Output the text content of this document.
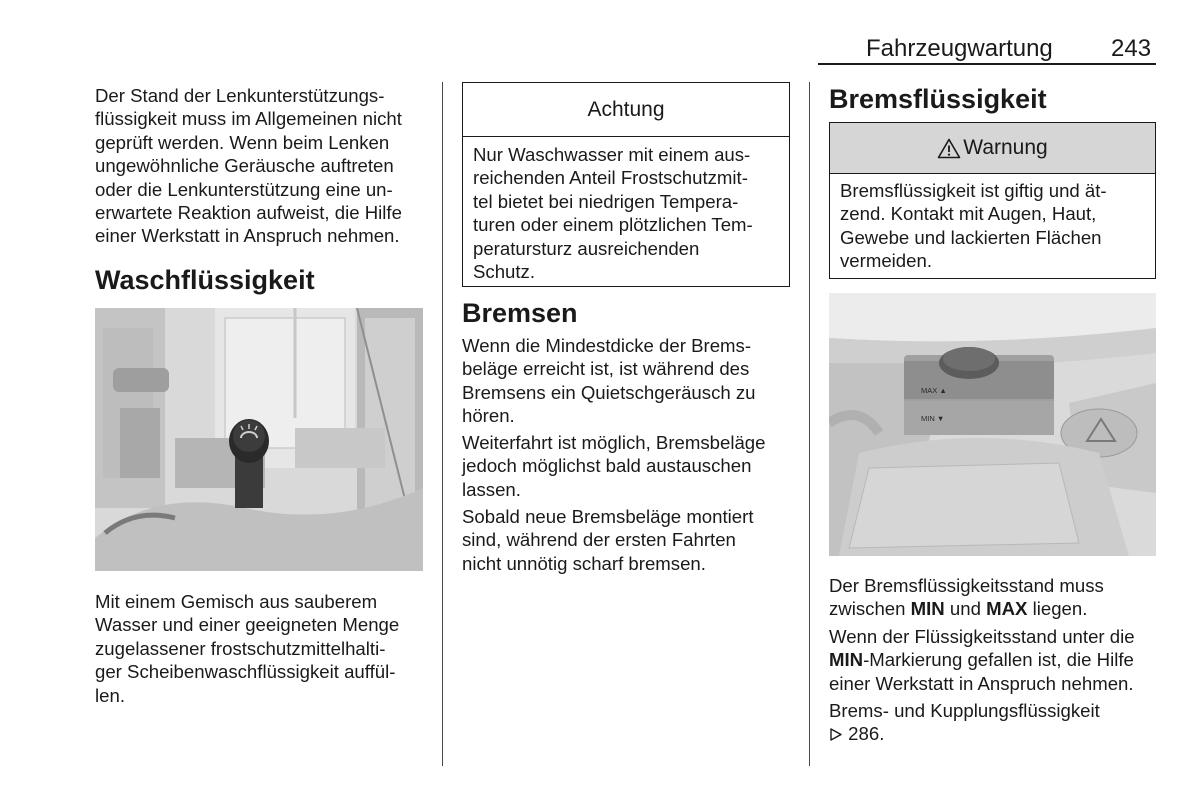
Fahrzeugwartung 243
Der Stand der Lenkunterstützungs-
flüssigkeit muss im Allgemeinen nicht
geprüft werden. Wenn beim Lenken
ungewöhnliche Geräusche auftreten
oder die Lenkunterstützung eine un-
erwartete Reaktion aufweist, die Hilfe
einer Werkstatt in Anspruch nehmen.
Waschflüssigkeit
Mit einem Gemisch aus sauberem
Wasser und einer geeigneten Menge
zugelassener frostschutzmittelhalti-
ger Scheibenwaschflüssigkeit auffül-
len.
Achtung
Nur Waschwasser mit einem aus-
reichenden Anteil Frostschutzmit-
tel bietet bei niedrigen Tempera-
turen oder einem plötzlichen Tem-
peratursturz ausreichenden
Schutz.
Bremsen
Wenn die Mindestdicke der Brems-
beläge erreicht ist, ist während des
Bremsens ein Quietschgeräusch zu
hören.
Weiterfahrt ist möglich, Bremsbeläge
jedoch möglichst bald austauschen
lassen.
Sobald neue Bremsbeläge montiert
sind, während der ersten Fahrten
nicht unnötig scharf bremsen.
Bremsflüssigkeit
Warnung
Bremsflüssigkeit ist giftig und ät-
zend. Kontakt mit Augen, Haut,
Gewebe und lackierten Flächen
vermeiden.
MAX ▲
MIN ▼
Der Bremsflüssigkeitsstand muss
zwischen MIN und MAX liegen.
Wenn der Flüssigkeitsstand unter die
MIN-Markierung gefallen ist, die Hilfe
einer Werkstatt in Anspruch nehmen.
Brems- und Kupplungsflüssigkeit
286.
